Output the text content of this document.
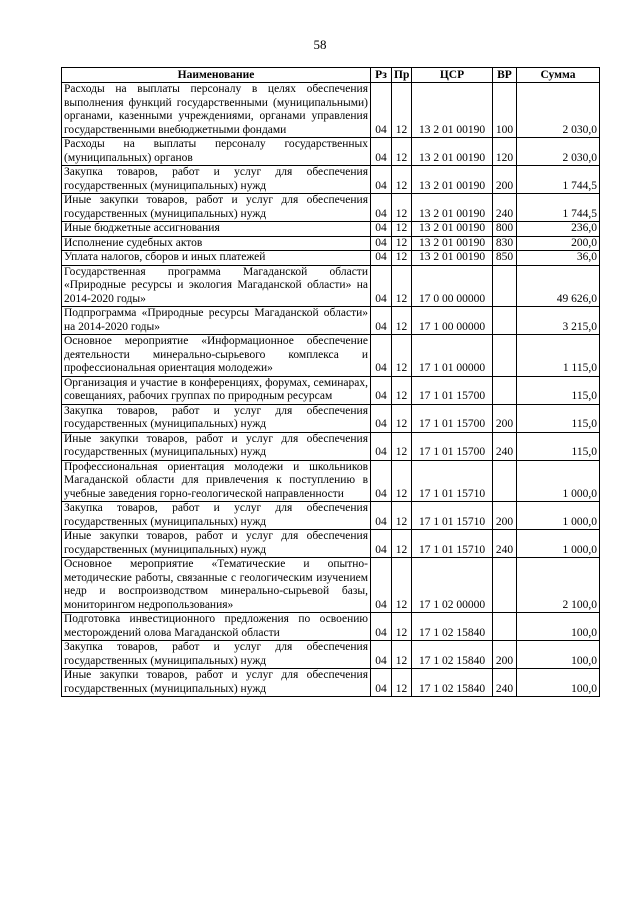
58
Наименование	Рз	Пр	ЦСР	ВР	Сумма
Расходы на выплаты персоналу в целях обеспечения выполнения функций государственными (муниципальными) органами, казенными учреждениями, органами управления государственными внебюджетными фондами	04	12	13 2 01 00190	100	2 030,0
Расходы на выплаты персоналу государственных (муниципальных) органов	04	12	13 2 01 00190	120	2 030,0
Закупка товаров, работ и услуг для обеспечения государственных (муниципальных) нужд	04	12	13 2 01 00190	200	1 744,5
Иные закупки товаров, работ и услуг для обеспечения государственных (муниципальных) нужд	04	12	13 2 01 00190	240	1 744,5
Иные бюджетные ассигнования	04	12	13 2 01 00190	800	236,0
Исполнение судебных актов	04	12	13 2 01 00190	830	200,0
Уплата налогов, сборов и иных платежей	04	12	13 2 01 00190	850	36,0
Государственная программа Магаданской области «Природные ресурсы и экология Магаданской области» на 2014-2020 годы»	04	12	17 0 00 00000		49 626,0
Подпрограмма «Природные ресурсы Магаданской области» на 2014-2020 годы»	04	12	17 1 00 00000		3 215,0
Основное мероприятие «Информационное обеспечение деятельности минерально-сырьевого комплекса и профессиональная ориентация молодежи»	04	12	17 1 01 00000		1 115,0
Организация и участие в конференциях, форумах, семинарах, совещаниях, рабочих группах по природным ресурсам	04	12	17 1 01 15700		115,0
Закупка товаров, работ и услуг для обеспечения государственных (муниципальных) нужд	04	12	17 1 01 15700	200	115,0
Иные закупки товаров, работ и услуг для обеспечения государственных (муниципальных) нужд	04	12	17 1 01 15700	240	115,0
Профессиональная ориентация молодежи и школьников Магаданской области для привлечения к поступлению в учебные заведения горно-геологической направленности	04	12	17 1 01 15710		1 000,0
Закупка товаров, работ и услуг для обеспечения государственных (муниципальных) нужд	04	12	17 1 01 15710	200	1 000,0
Иные закупки товаров, работ и услуг для обеспечения государственных (муниципальных) нужд	04	12	17 1 01 15710	240	1 000,0
Основное мероприятие «Тематические и опытно-методические работы, связанные с геологическим изучением недр и воспроизводством минерально-сырьевой базы, мониторингом недропользования»	04	12	17 1 02 00000		2 100,0
Подготовка инвестиционного предложения по освоению месторождений олова Магаданской области	04	12	17 1 02 15840		100,0
Закупка товаров, работ и услуг для обеспечения государственных (муниципальных) нужд	04	12	17 1 02 15840	200	100,0
Иные закупки товаров, работ и услуг для обеспечения государственных (муниципальных) нужд	04	12	17 1 02 15840	240	100,0
